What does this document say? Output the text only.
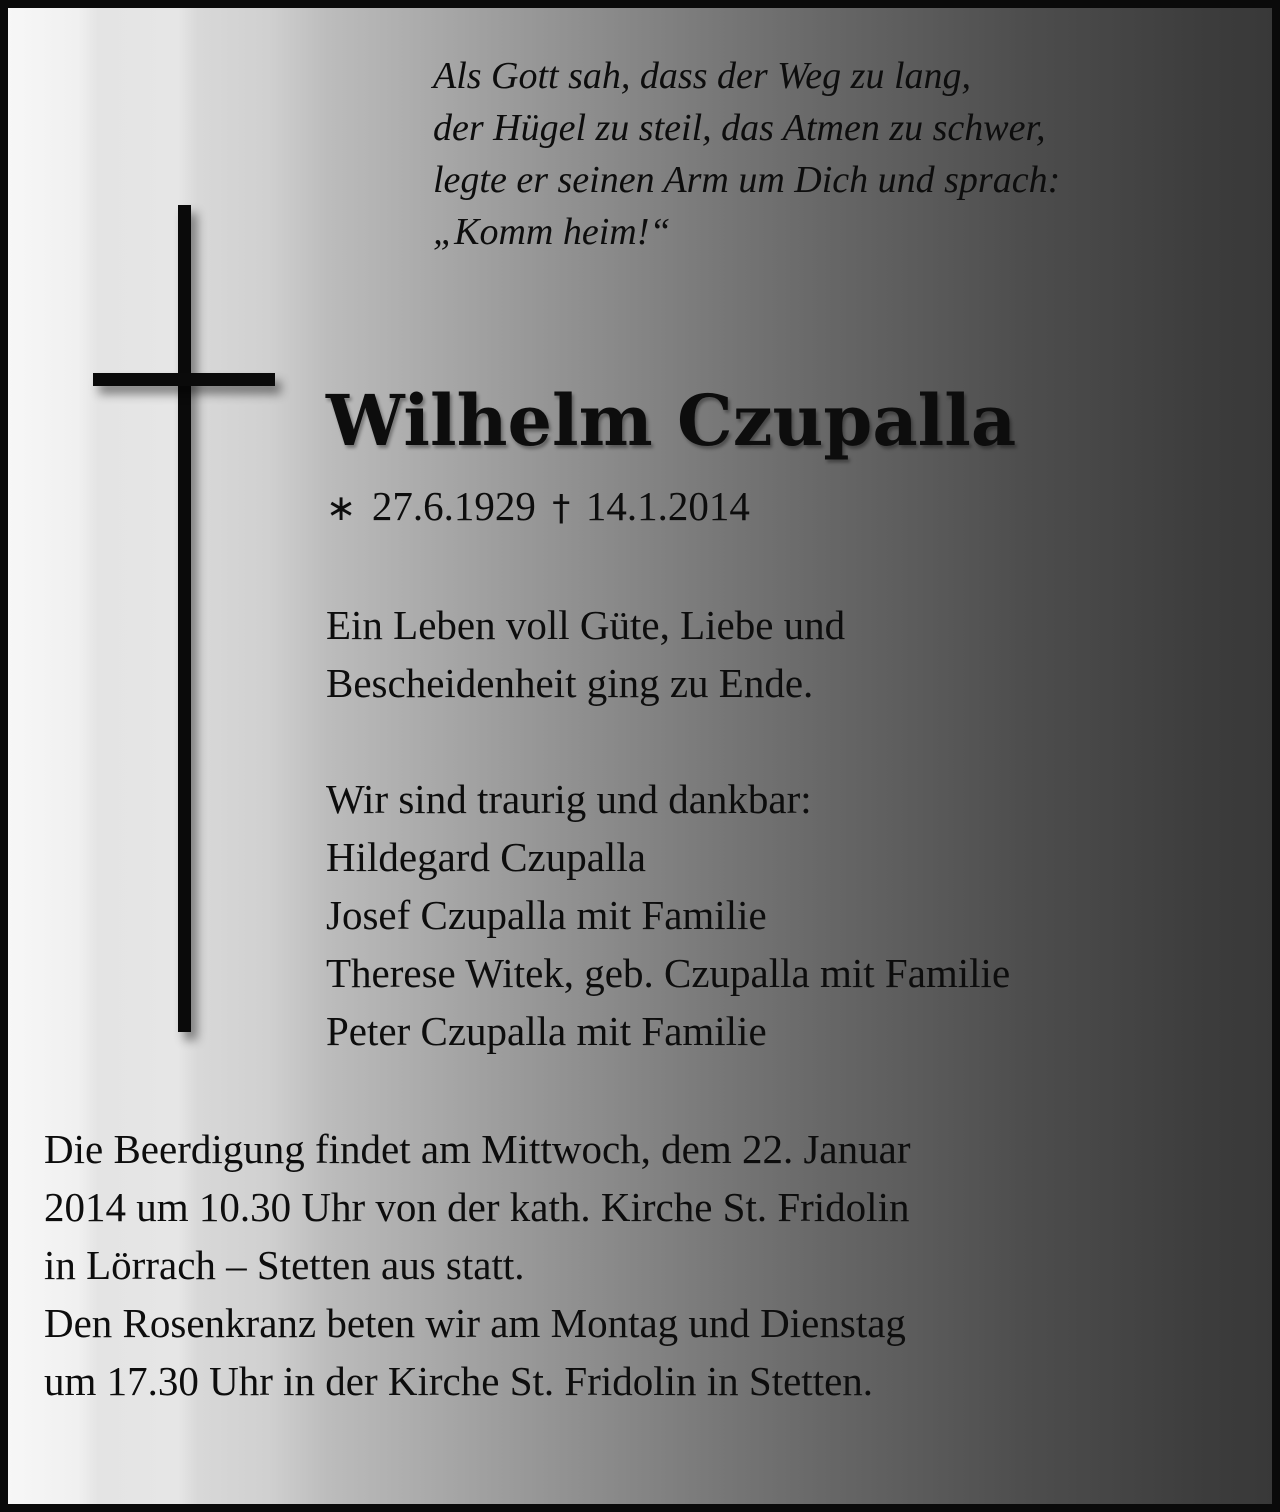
Als Gott sah, dass der Weg zu lang,
der Hügel zu steil, das Atmen zu schwer,
legte er seinen Arm um Dich und sprach:
„Komm heim!“
Wilhelm Czupalla
∗ 27.6.1929 † 14.1.2014
Ein Leben voll Güte, Liebe und
Bescheidenheit ging zu Ende.
Wir sind traurig und dankbar:
Hildegard Czupalla
Josef Czupalla mit Familie
Therese Witek, geb. Czupalla mit Familie
Peter Czupalla mit Familie
Die Beerdigung findet am Mittwoch, dem 22. Januar
2014 um 10.30 Uhr von der kath. Kirche St. Fridolin
in Lörrach – Stetten aus statt.
Den Rosenkranz beten wir am Montag und Dienstag
um 17.30 Uhr in der Kirche St. Fridolin in Stetten.
